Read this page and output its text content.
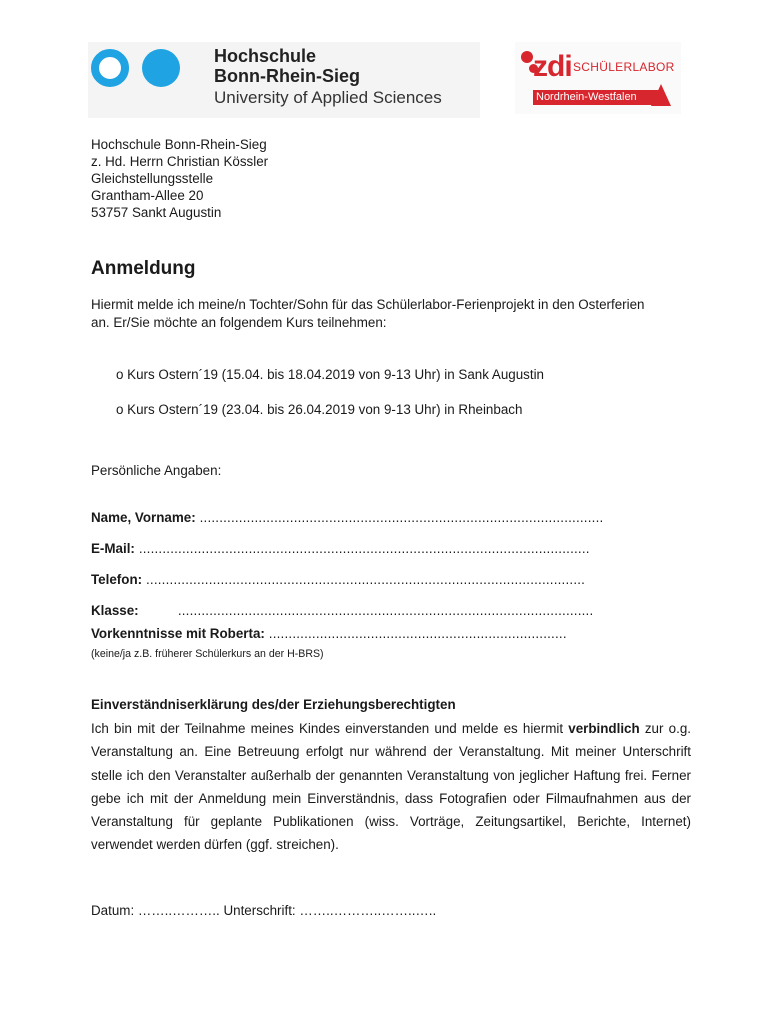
Hochschule
Bonn-Rhein-Sieg
University of Applied Sciences
zdi SCHÜLERLABOR
Nordrhein-Westfalen
Hochschule Bonn-Rhein-Sieg
z. Hd. Herrn Christian Kössler
Gleichstellungsstelle
Grantham-Allee 20
53757 Sankt Augustin
Anmeldung
Hiermit melde ich meine/n Tochter/Sohn für das Schülerlabor-Ferienprojekt in den Osterferien
an. Er/Sie möchte an folgendem Kurs teilnehmen:
o Kurs Ostern´19 (15.04. bis 18.04.2019 von 9-13 Uhr) in Sank Augustin
o Kurs Ostern´19 (23.04. bis 26.04.2019 von 9-13 Uhr) in Rheinbach
Persönliche Angaben:
Name, Vorname: .......................................................................................................
E-Mail: ...................................................................................................................
Telefon: ................................................................................................................
Klasse:          ..........................................................................................................
Vorkenntnisse mit Roberta: ............................................................................
(keine/ja z.B. früherer Schülerkurs an der H-BRS)
Einverständniserklärung des/der Erziehungsberechtigten
Ich bin mit der Teilnahme meines Kindes einverstanden und melde es hiermit verbindlich zur o.g. Veranstaltung an. Eine Betreuung erfolgt nur während der Veranstaltung. Mit meiner Unterschrift stelle ich den Veranstalter außerhalb der genannten Veranstaltung von jeglicher Haftung frei. Ferner gebe ich mit der Anmeldung mein Einverständnis, dass Fotografien oder Filmaufnahmen aus der Veranstaltung für geplante Publikationen (wiss. Vorträge, Zeitungsartikel, Berichte, Internet) verwendet werden dürfen (ggf. streichen).
Datum: ……..……….. Unterschrift: ……..………..……..…..
